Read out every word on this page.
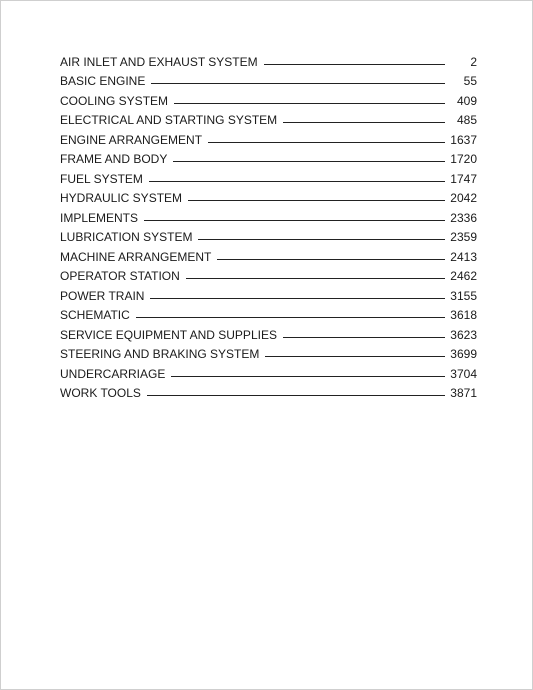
AIR INLET AND EXHAUST SYSTEM	2
BASIC ENGINE	55
COOLING SYSTEM	409
ELECTRICAL AND STARTING SYSTEM	485
ENGINE ARRANGEMENT	1637
FRAME AND BODY	1720
FUEL SYSTEM	1747
HYDRAULIC SYSTEM	2042
IMPLEMENTS	2336
LUBRICATION SYSTEM	2359
MACHINE ARRANGEMENT	2413
OPERATOR STATION	2462
POWER TRAIN	3155
SCHEMATIC	3618
SERVICE EQUIPMENT AND SUPPLIES	3623
STEERING AND BRAKING SYSTEM	3699
UNDERCARRIAGE	3704
WORK TOOLS	3871
